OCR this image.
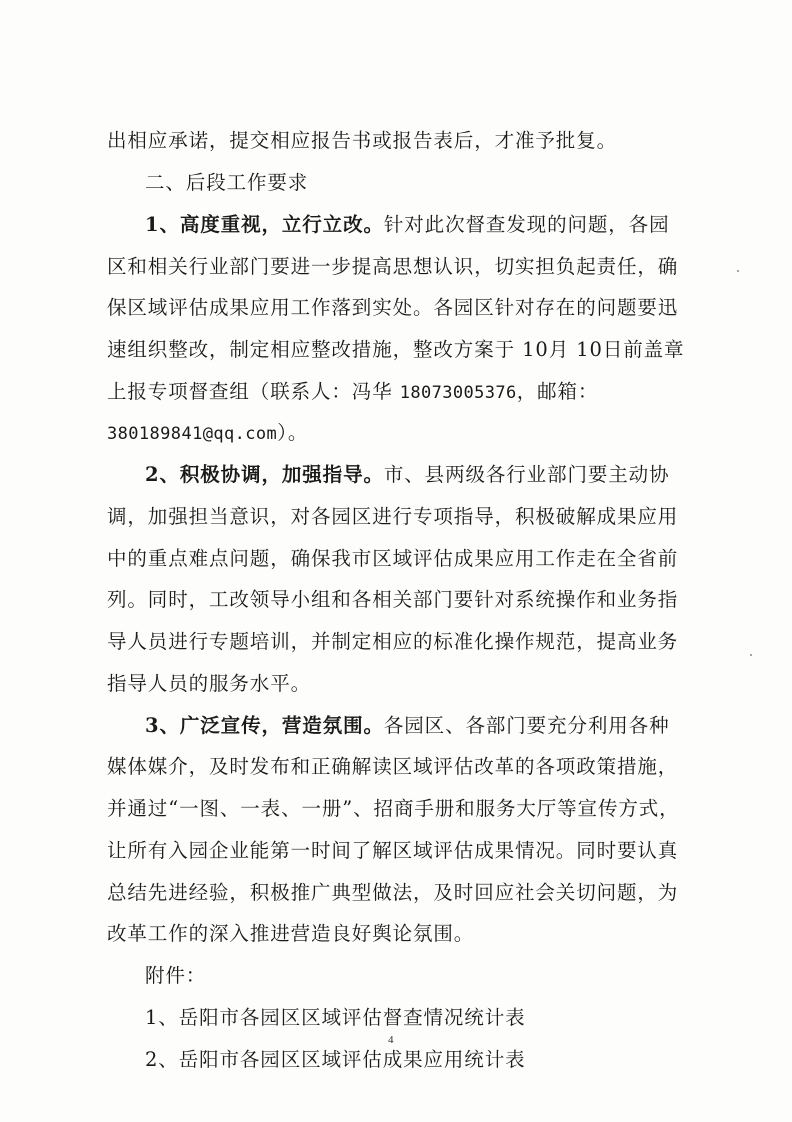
出相应承诺，提交相应报告书或报告表后，才准予批复。
二、后段工作要求
1、高度重视，立行立改。针对此次督查发现的问题，各园
区和相关行业部门要进一步提高思想认识，切实担负起责任，确
保区域评估成果应用工作落到实处。各园区针对存在的问题要迅
速组织整改，制定相应整改措施，整改方案于 10月 10日前盖章
上报专项督查组（联系人：冯华 18073005376，邮箱：
380189841@qq.com）。
2、积极协调，加强指导。市、县两级各行业部门要主动协
调，加强担当意识，对各园区进行专项指导，积极破解成果应用
中的重点难点问题，确保我市区域评估成果应用工作走在全省前
列。同时，工改领导小组和各相关部门要针对系统操作和业务指
导人员进行专题培训，并制定相应的标准化操作规范，提高业务
指导人员的服务水平。
3、广泛宣传，营造氛围。各园区、各部门要充分利用各种
媒体媒介，及时发布和正确解读区域评估改革的各项政策措施，
并通过“一图、一表、一册”、招商手册和服务大厅等宣传方式，
让所有入园企业能第一时间了解区域评估成果情况。同时要认真
总结先进经验，积极推广典型做法，及时回应社会关切问题，为
改革工作的深入推进营造良好舆论氛围。
附件：
1、岳阳市各园区区域评估督查情况统计表
2、岳阳市各园区区域评估成果应用统计表
4
